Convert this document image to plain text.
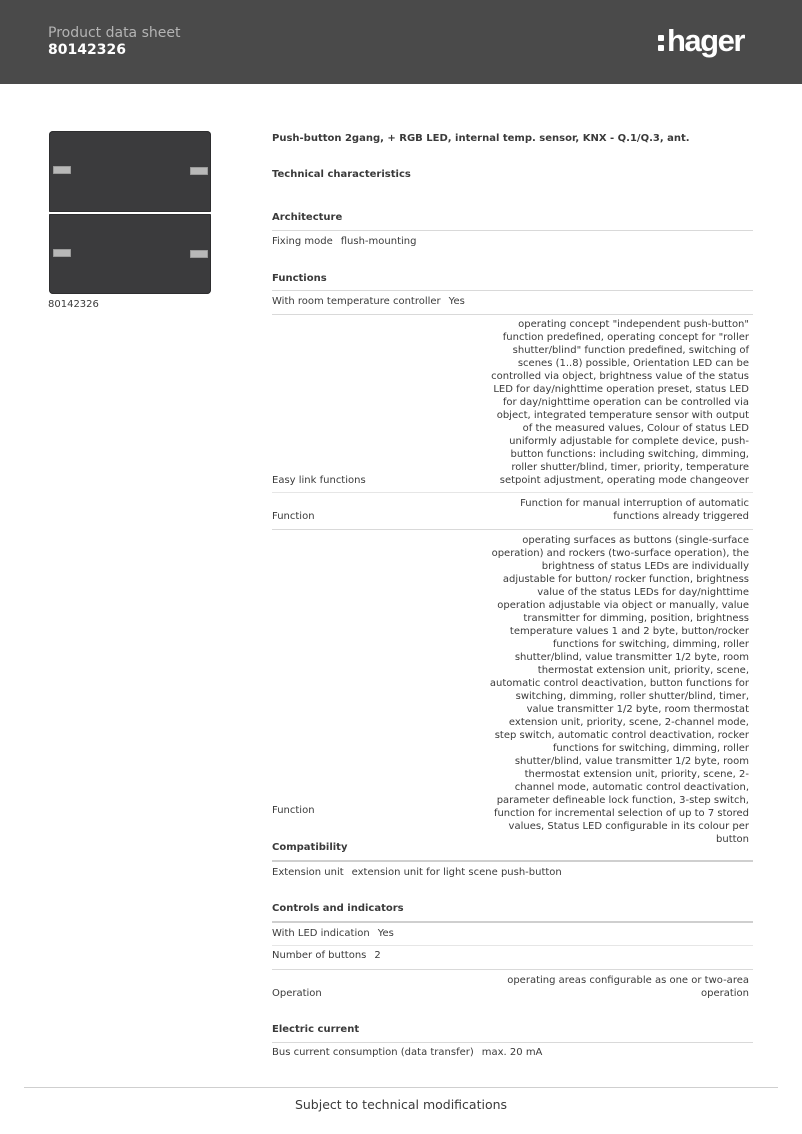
Product data sheet
80142326	hager
80142326
Push-button 2gang, + RGB LED, internal temp. sensor, KNX - Q.1/Q.3, ant.
Technical characteristics
Architecture
Fixing mode flush-mounting
Functions
With room temperature controller Yes
Easy link functions
operating concept "independent push-button" function predefined, operating concept for "roller shutter/blind" function predefined, switching of scenes (1..8) possible, Orientation LED can be controlled via object, brightness value of the status LED for day/nighttime operation preset, status LED for day/nighttime operation can be controlled via object, integrated temperature sensor with output of the measured values, Colour of status LED uniformly adjustable for complete device, push-button functions: including switching, dimming, roller shutter/blind, timer, priority, temperature setpoint adjustment, operating mode changeover
Function
Function for manual interruption of automatic functions already triggered
Function
operating surfaces as buttons (single-surface operation) and rockers (two-surface operation), the brightness of status LEDs are individually adjustable for button/ rocker function, brightness value of the status LEDs for day/nighttime operation adjustable via object or manually, value transmitter for dimming, position, brightness temperature values 1 and 2 byte, button/rocker functions for switching, dimming, roller shutter/blind, value transmitter 1/2 byte, room thermostat extension unit, priority, scene, automatic control deactivation, button functions for switching, dimming, roller shutter/blind, timer, value transmitter 1/2 byte, room thermostat extension unit, priority, scene, 2-channel mode, step switch, automatic control deactivation, rocker functions for switching, dimming, roller shutter/blind, value transmitter 1/2 byte, room thermostat extension unit, priority, scene, 2-channel mode, automatic control deactivation, parameter defineable lock function, 3-step switch, function for incremental selection of up to 7 stored values, Status LED configurable in its colour per button
Compatibility
Extension unit extension unit for light scene push-button
Controls and indicators
With LED indication Yes
Number of buttons 2
Operation
operating areas configurable as one or two-area operation
Electric current
Bus current consumption (data transfer) max. 20 mA
Subject to technical modifications
